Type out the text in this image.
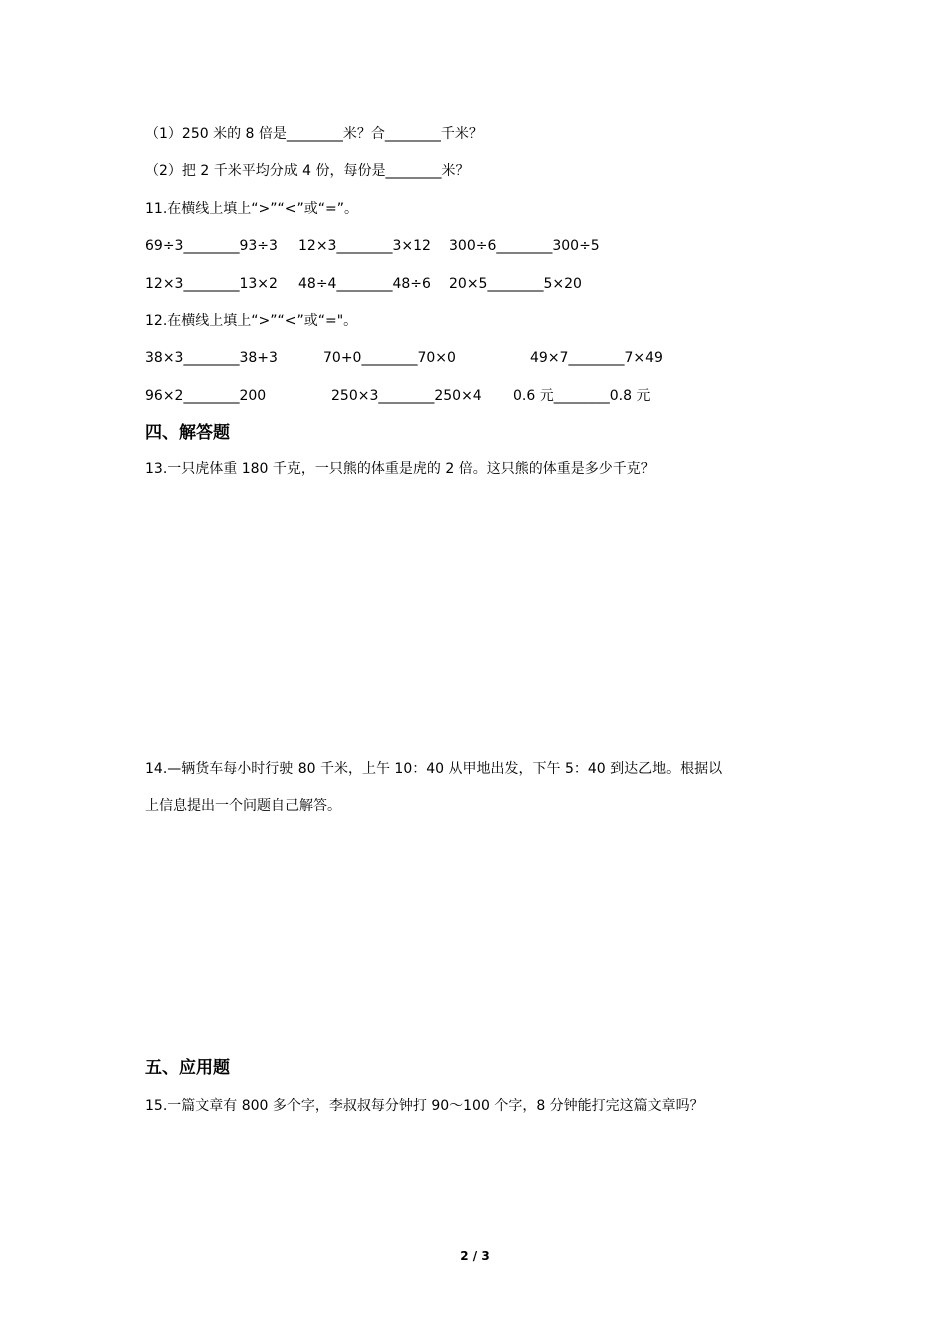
（1）250 米的 8 倍是________米？合________千米？
（2）把 2 千米平均分成 4 份，每份是________米？
11.在横线上填上“>”“<”或“=”。
69÷3________93÷3 12×3________3×12 300÷6________300÷5
12×3________13×2 48÷4________48÷6 20×5________5×20
12.在横线上填上“>”“<”或“="。
38×3________38+3	70+0________70×0	49×7________7×49
96×2________200	250×3________250×4 0.6 元________0.8 元
四、解答题
13.一只虎体重 180 千克，一只熊的体重是虎的 2 倍。这只熊的体重是多少千克？
14.—辆货车每小时行驶 80 千米，上午 10：40 从甲地出发，下午 5：40 到达乙地。根据以
上信息提出一个问题自己解答。
五、应用题
15.一篇文章有 800 多个字，李叔叔每分钟打 90～100 个字，8 分钟能打完这篇文章吗？
2 / 3
